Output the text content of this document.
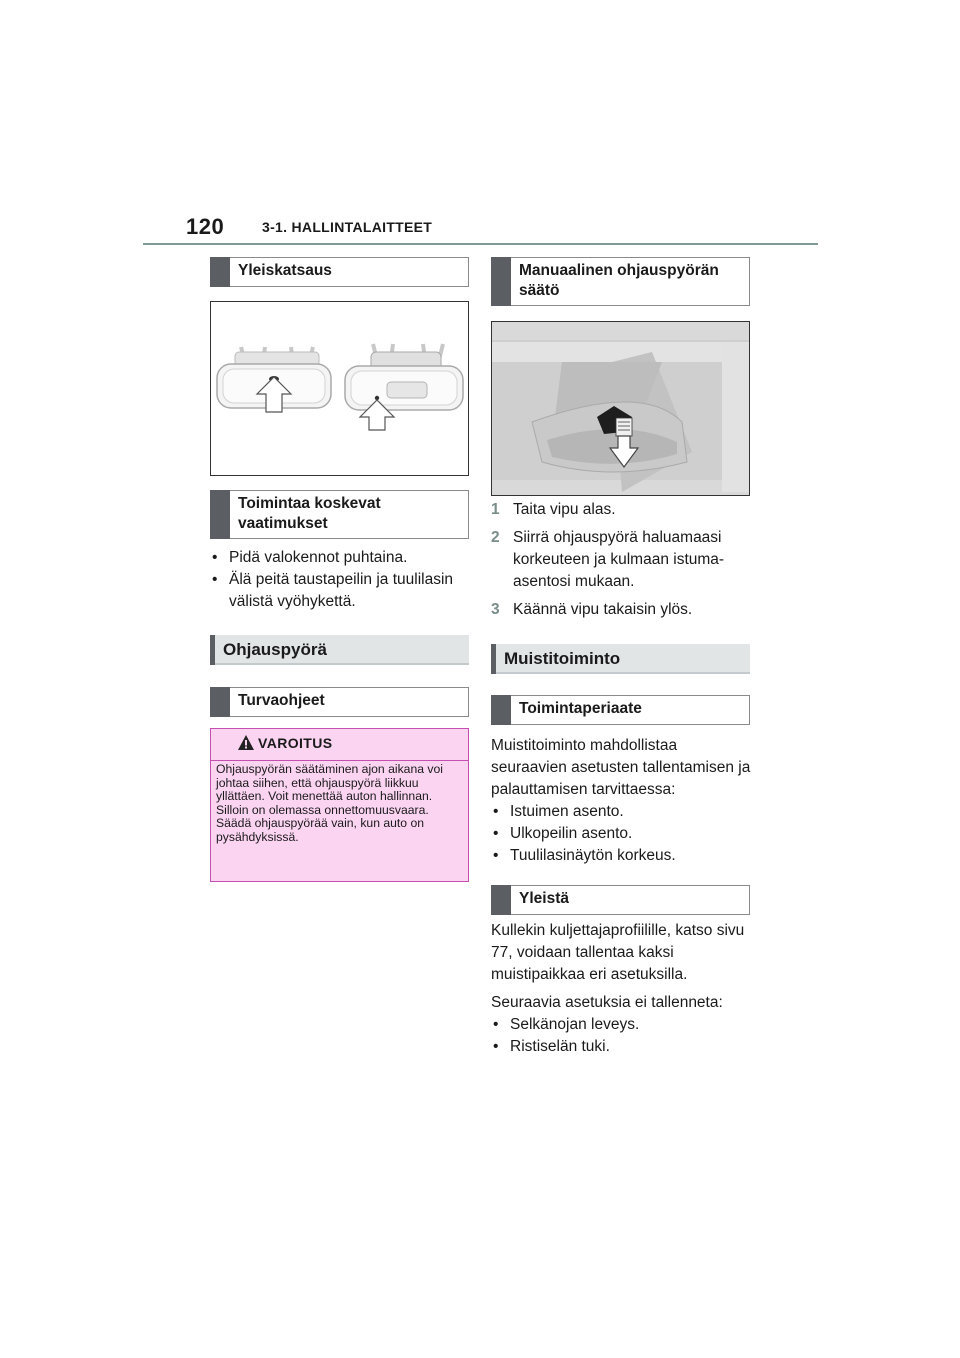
120	3-1. HALLINTALAITTEET
Yleiskatsaus
Toimintaa koskevat vaatimukset
• Pidä valokennot puhtaina.
• Älä peitä taustapeilin ja tuulilasin välistä vyöhykettä.
Ohjauspyörä
Turvaohjeet
VAROITUS
Ohjauspyörän säätäminen ajon aikana voi johtaa siihen, että ohjauspyörä liikkuu yllättäen. Voit menettää auton hallinnan. Silloin on olemassa onnettomuusvaara. Säädä ohjauspyörää vain, kun auto on pysähdyksissä.
Manuaalinen ohjauspyörän säätö
1 Taita vipu alas.
2 Siirrä ohjauspyörä haluamaasi korkeuteen ja kulmaan istumaasentosi mukaan.
3 Käännä vipu takaisin ylös.
Muistitoiminto
Toimintaperiaate
Muistitoiminto mahdollistaa seuraavien asetusten tallentamisen ja palauttamisen tarvittaessa:
• Istuimen asento.
• Ulkopeilin asento.
• Tuulilasinäytön korkeus.
Yleistä
Kullekin kuljettajaprofiilille, katso sivu 77, voidaan tallentaa kaksi muistipaikkaa eri asetuksilla.
Seuraavia asetuksia ei tallenneta:
• Selkänojan leveys.
• Ristiselän tuki.
